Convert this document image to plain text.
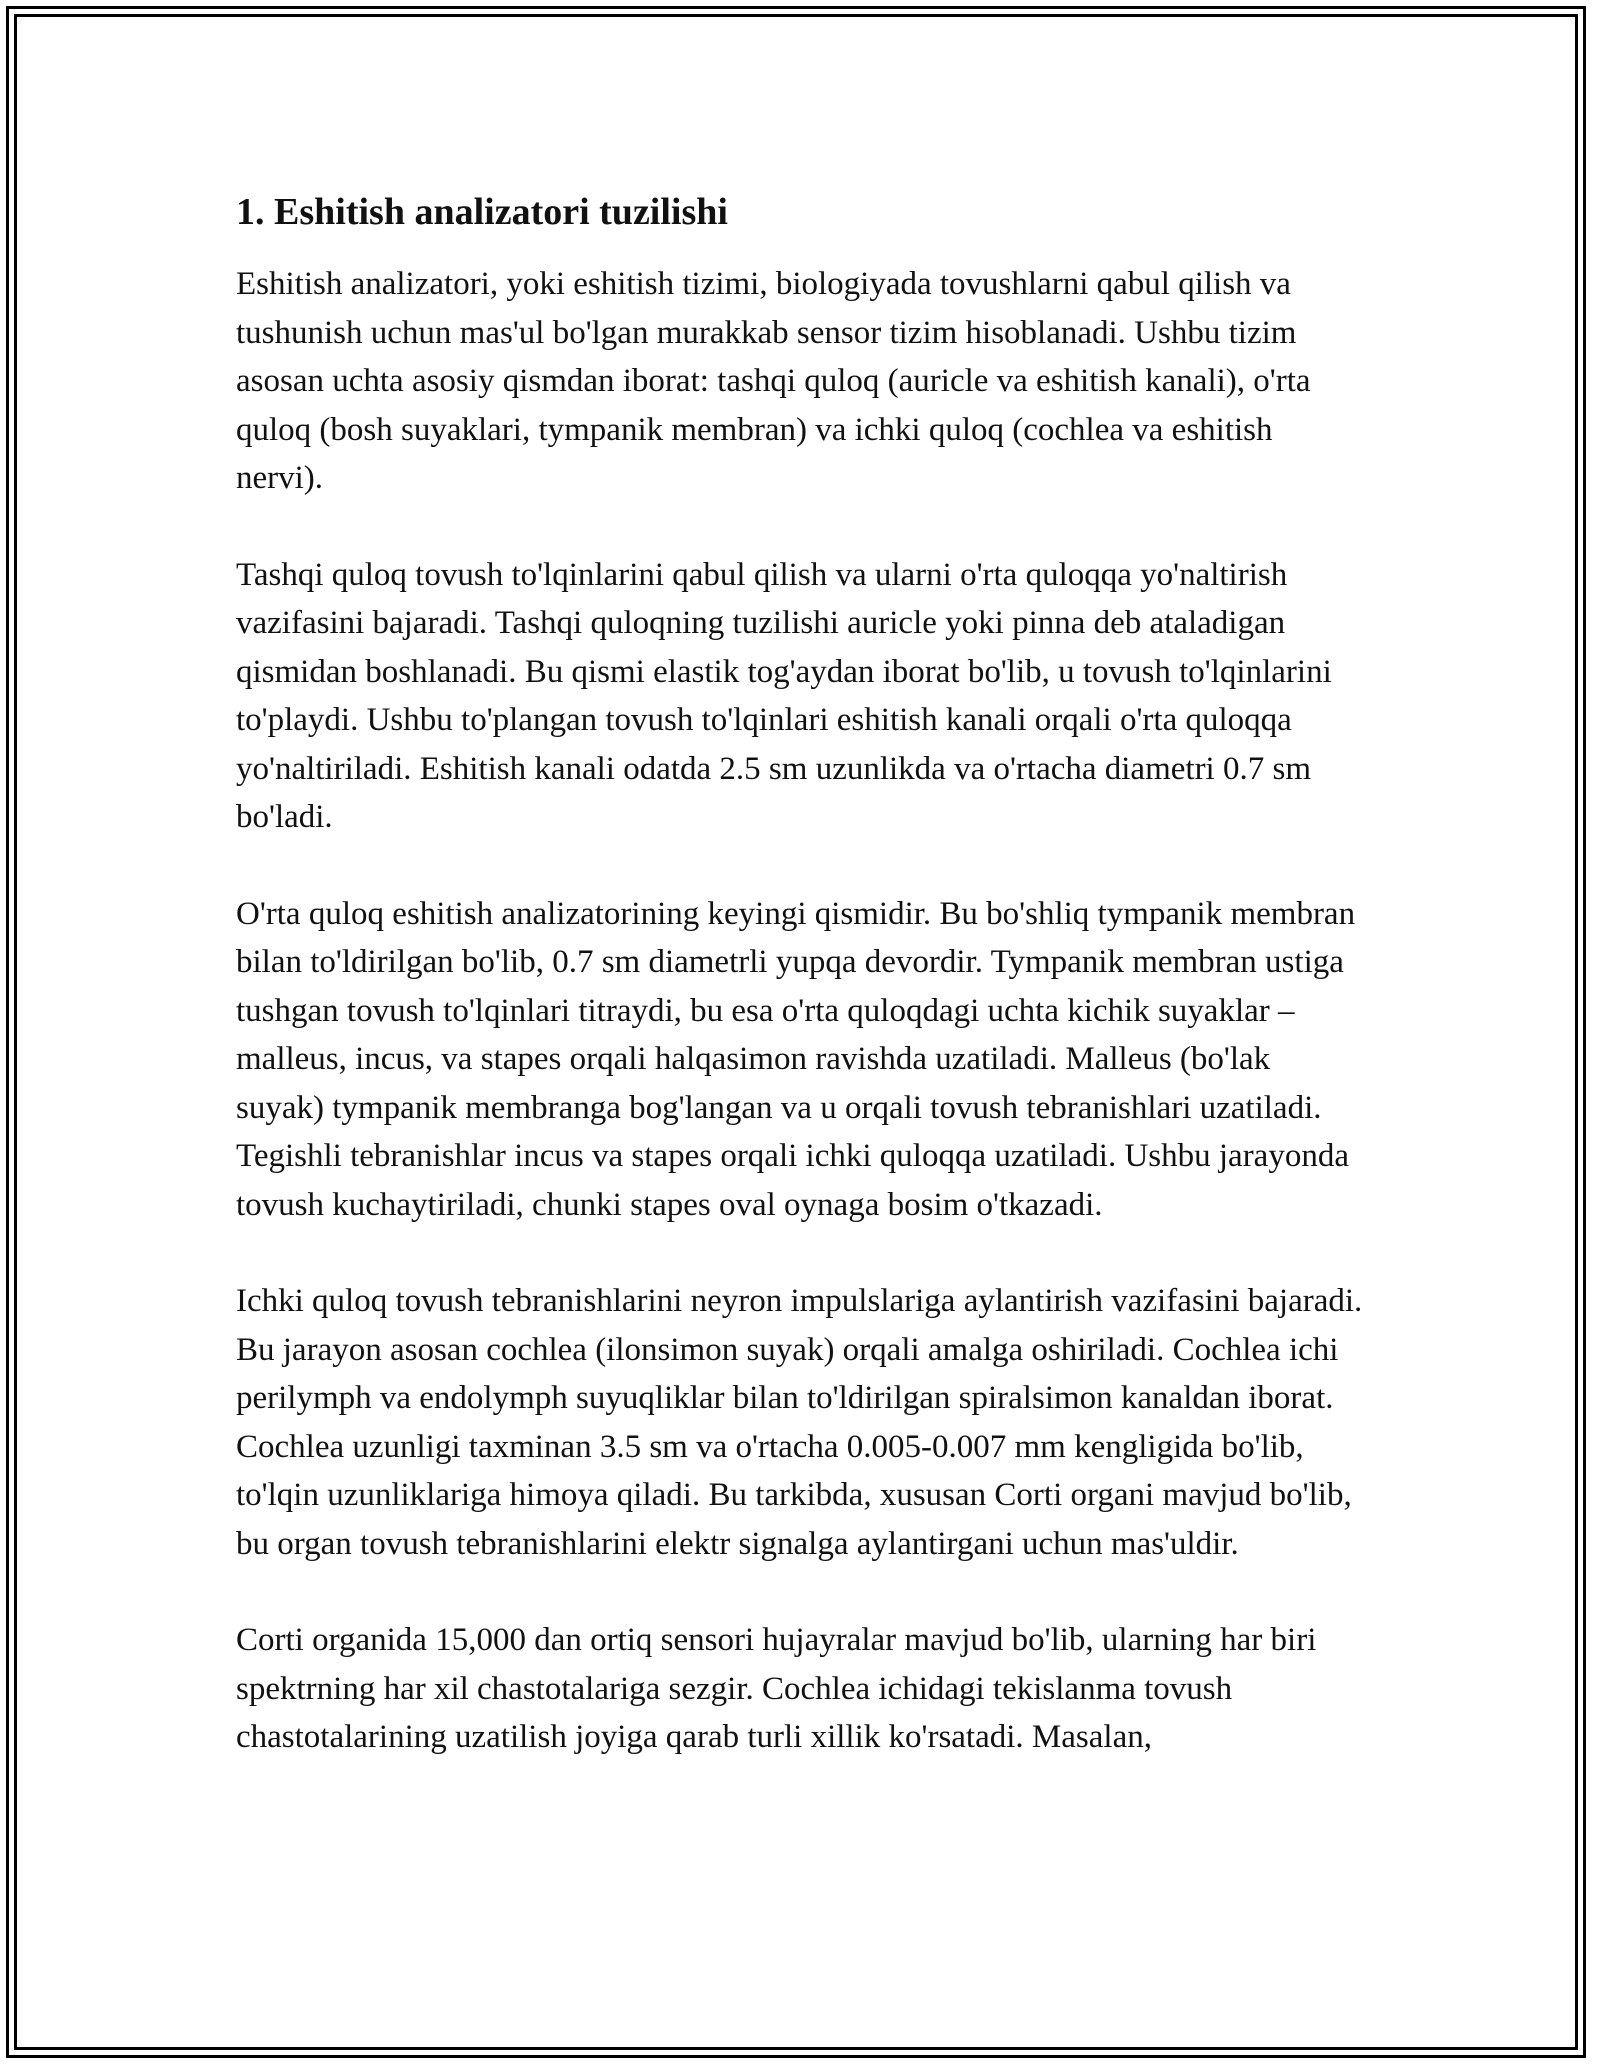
1. Eshitish analizatori tuzilishi

Eshitish analizatori, yoki eshitish tizimi, biologiyada tovushlarni qabul qilish va tushunish uchun mas'ul bo'lgan murakkab sensor tizim hisoblanadi. Ushbu tizim asosan uchta asosiy qismdan iborat: tashqi quloq (auricle va eshitish kanali), o'rta quloq (bosh suyaklari, tympanik membran) va ichki quloq (cochlea va eshitish nervi).

Tashqi quloq tovush to'lqinlarini qabul qilish va ularni o'rta quloqqa yo'naltirish vazifasini bajaradi. Tashqi quloqning tuzilishi auricle yoki pinna deb ataladigan qismidan boshlanadi. Bu qismi elastik tog'aydan iborat bo'lib, u tovush to'lqinlarini to'playdi. Ushbu to'plangan tovush to'lqinlari eshitish kanali orqali o'rta quloqqa yo'naltiriladi. Eshitish kanali odatda 2.5 sm uzunlikda va o'rtacha diametri 0.7 sm bo'ladi.

O'rta quloq eshitish analizatorining keyingi qismidir. Bu bo'shliq tympanik membran bilan to'ldirilgan bo'lib, 0.7 sm diametrli yupqa devordir. Tympanik membran ustiga tushgan tovush to'lqinlari titraydi, bu esa o'rta quloqdagi uchta kichik suyaklar – malleus, incus, va stapes orqali halqasimon ravishda uzatiladi. Malleus (bo'lak suyak) tympanik membranga bog'langan va u orqali tovush tebranishlari uzatiladi. Tegishli tebranishlar incus va stapes orqali ichki quloqqa uzatiladi. Ushbu jarayonda tovush kuchaytiriladi, chunki stapes oval oynaga bosim o'tkazadi.

Ichki quloq tovush tebranishlarini neyron impulslariga aylantirish vazifasini bajaradi. Bu jarayon asosan cochlea (ilonsimon suyak) orqali amalga oshiriladi. Cochlea ichi perilymph va endolymph suyuqliklar bilan to'ldirilgan spiralsimon kanaldan iborat. Cochlea uzunligi taxminan 3.5 sm va o'rtacha 0.005-0.007 mm kengligida bo'lib, to'lqin uzunliklariga himoya qiladi. Bu tarkibda, xususan Corti organi mavjud bo'lib, bu organ tovush tebranishlarini elektr signalga aylantirgani uchun mas'uldir.

Corti organida 15,000 dan ortiq sensori hujayralar mavjud bo'lib, ularning har biri spektrning har xil chastotalariga sezgir. Cochlea ichidagi tekislanma tovush chastotalarining uzatilish joyiga qarab turli xillik ko'rsatadi. Masalan,
